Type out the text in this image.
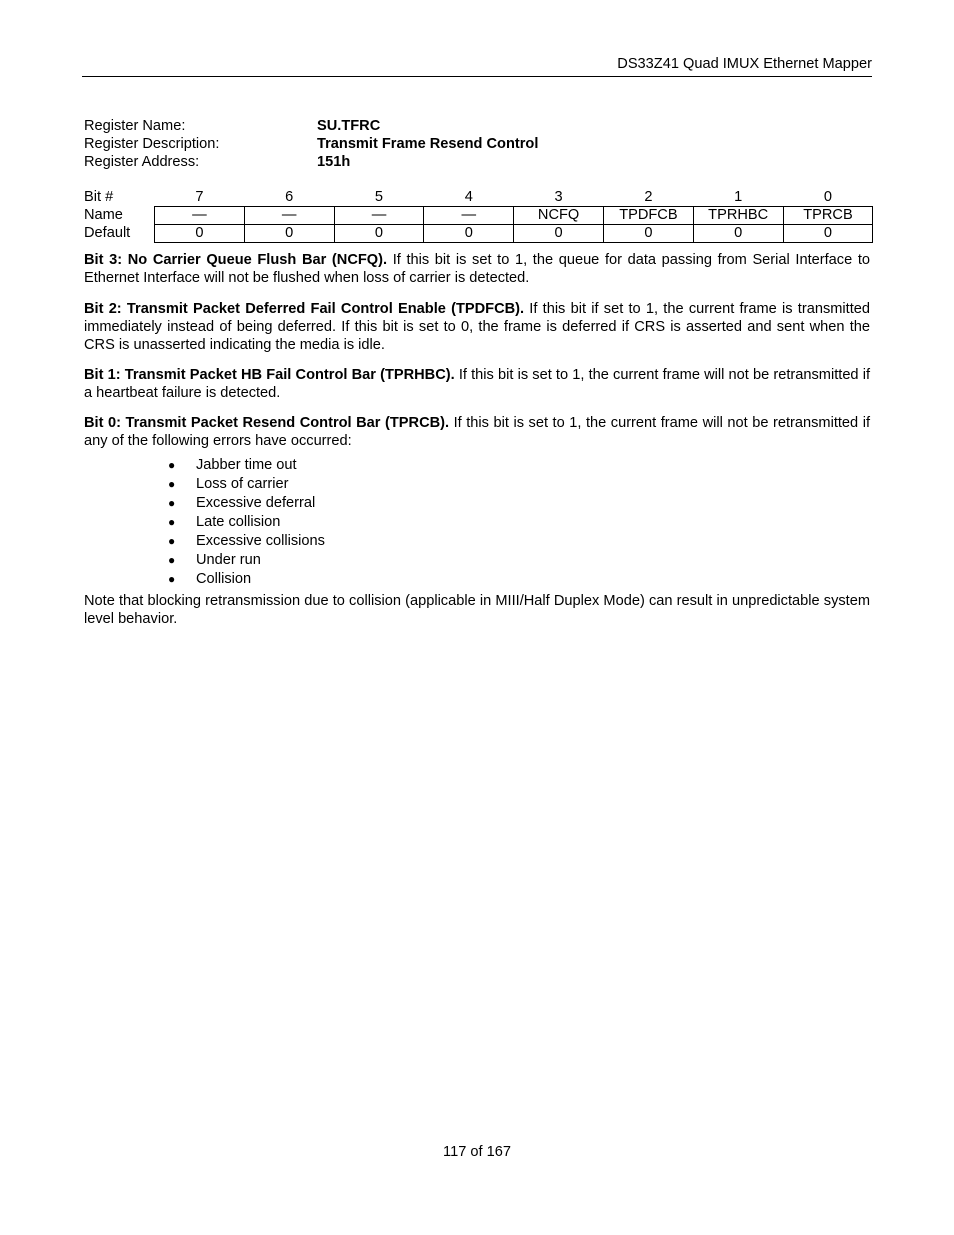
DS33Z41 Quad IMUX Ethernet Mapper
Register Name:	SU.TFRC
Register Description:	Transmit Frame Resend Control
Register Address:	151h
Bit #	7	6	5	4	3	2	1	0
Name	—	—	—	—	NCFQ	TPDFCB	TPRHBC	TPRCB
Default	0	0	0	0	0	0	0	0

Bit 3: No Carrier Queue Flush Bar (NCFQ). If this bit is set to 1, the queue for data passing from Serial Interface to Ethernet Interface will not be flushed when loss of carrier is detected.

Bit 2: Transmit Packet Deferred Fail Control Enable (TPDFCB). If this bit if set to 1, the current frame is transmitted immediately instead of being deferred. If this bit is set to 0, the frame is deferred if CRS is asserted and sent when the CRS is unasserted indicating the media is idle.

Bit 1: Transmit Packet HB Fail Control Bar (TPRHBC). If this bit is set to 1, the current frame will not be retransmitted if a heartbeat failure is detected.

Bit 0: Transmit Packet Resend Control Bar (TPRCB). If this bit is set to 1, the current frame will not be retransmitted if any of the following errors have occurred:

● Jabber time out
● Loss of carrier
● Excessive deferral
● Late collision
● Excessive collisions
● Under run
● Collision

Note that blocking retransmission due to collision (applicable in MIII/Half Duplex Mode) can result in unpredictable system level behavior.

117 of 167
